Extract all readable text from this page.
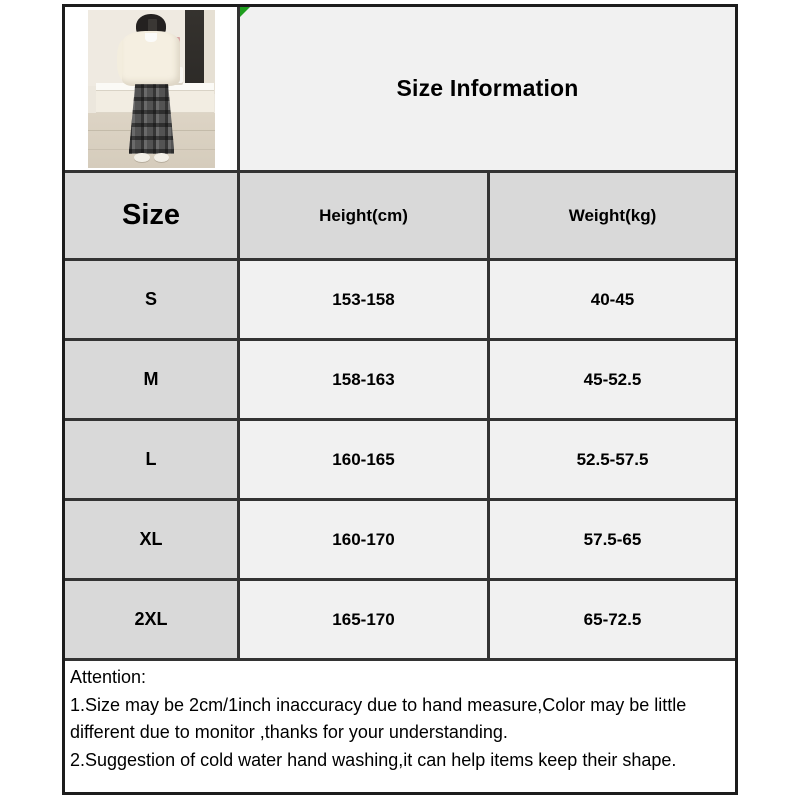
Size Information
Size	Height(cm)	Weight(kg)
S	153-158	40-45
M	158-163	45-52.5
L	160-165	52.5-57.5
XL	160-170	57.5-65
2XL	165-170	65-72.5
Attention:
1.Size may be 2cm/1inch inaccuracy due to hand measure,Color may be little
different due to monitor ,thanks for your understanding.
2.Suggestion of cold water hand washing,it can help items keep their shape.
